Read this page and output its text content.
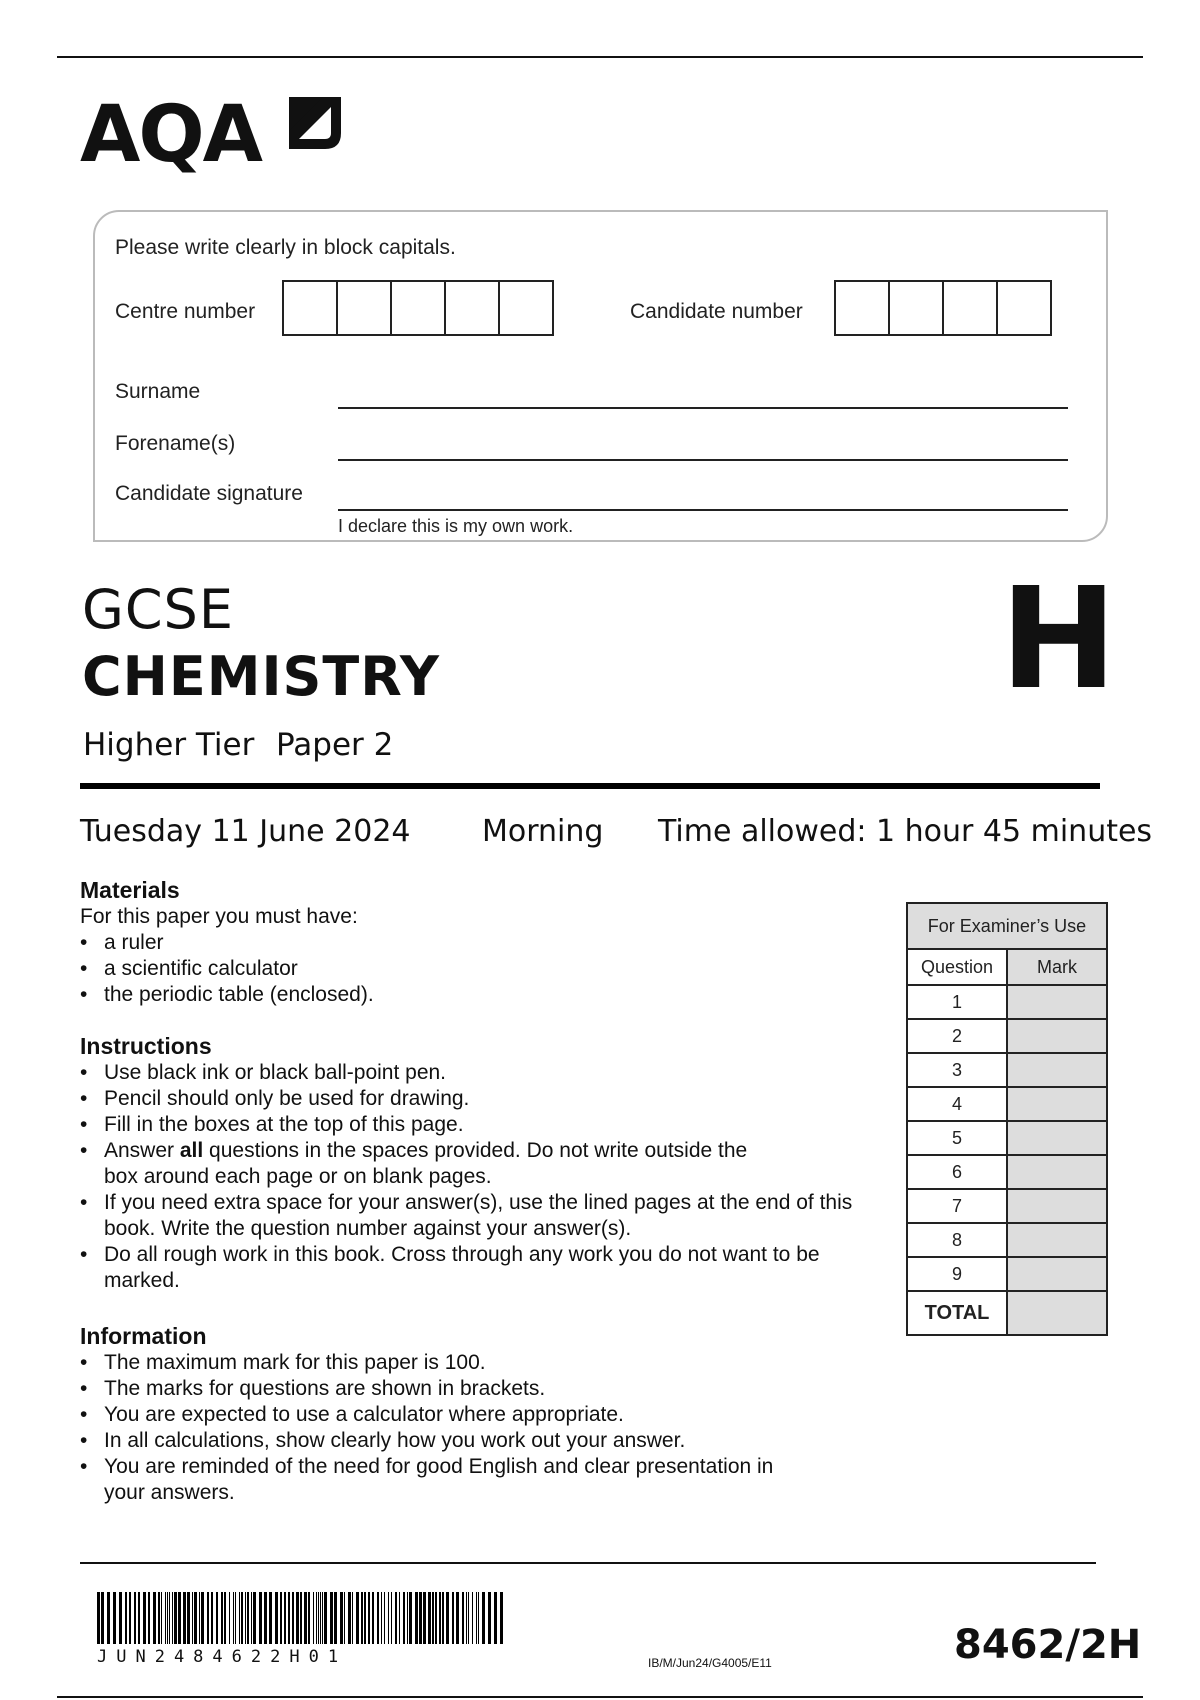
AQA
Please write clearly in block capitals.
Centre number	Candidate number
Surname
Forename(s)
Candidate signature
I declare this is my own work.
GCSE
CHEMISTRY
Higher Tier Paper 2
H
Tuesday 11 June 2024 Morning Time allowed: 1 hour 45 minutes
Materials

For this paper you must have:

• a ruler
• a scientific calculator
• the periodic table (enclosed).
Instructions
• Use black ink or black ball-point pen.
• Pencil should only be used for drawing.
• Fill in the boxes at the top of this page.
• Answer all questions in the spaces provided. Do not write outside the box around each page or on blank pages.
• If you need extra space for your answer(s), use the lined pages at the end of this book. Write the question number against your answer(s).
• Do all rough work in this book. Cross through any work you do not want to be marked.
Information
• The maximum mark for this paper is 100.
• The marks for questions are shown in brackets.
• You are expected to use a calculator where appropriate.
• In all calculations, show clearly how you work out your answer.
• You are reminded of the need for good English and clear presentation in your answers.
For Examiner’s Use	
Question	Mark
1	
2	
3	
4	
5	
6	
7	
8	
9	
TOTAL	
JUN2484622H01	IB/M/Jun24/G4005/E11	8462/2H
